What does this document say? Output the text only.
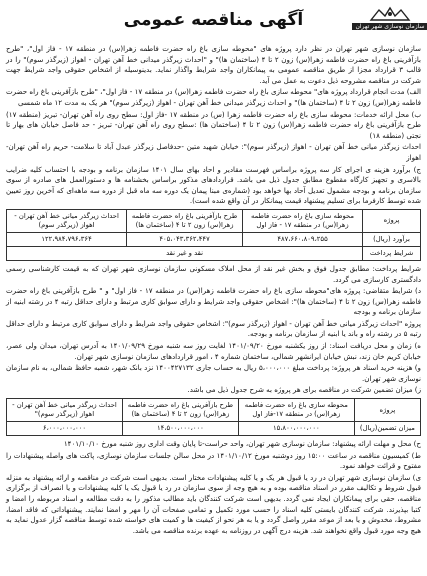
سازمان نوسازی شهر تهران
آگهی مناقصه عمومی

سازمان نوسازی شهر تهران در نظر دارد پروژه های "محوطه سازی باغ راه حضرت فاطمه زهرا(س) در منطقه ۱۷ - فاز اول"، "طرح بازآفرینی باغ راه حضرت فاطمه زهرا(س) زون ۲ تا ۴ (ساختمان ها)" و "احداث زیرگذر میدانی خط آهن تهران - اهواز (زیرگذر سوم)" را در قالب ۳ قرارداد مجزا از طریق مناقصه عمومی به پیمانکاران واجد شرایط واگذار نماید. بدینوسیله از اشخاص حقوقی واجد شرایط جهت شرکت در مناقصه مشروحه ذیل دعوت به عمل می آید.

الف) مدت انجام قرارداد پروژه های" محوطه سازی باغ راه حضرت فاطمه زهرا(س) در منطقه ۱۷ - فاز اول"، "طرح بازآفرینی باغ راه حضرت فاطمه زهرا(س) زون ۲ تا ۴ (ساختمان ها)" و احداث زیرگذر میدانی خط آهن تهران - اهواز (زیرگذر سوم)" هر یک به مدت ۱۲ ماه شمسی

ب) محل ارائه خدمات: محوطه سازی باغ راه حضرت فاطمه زهرا (س) در منطقه ۱۷ -فاز اول: سطح روی راه آهن تهران- تبریز (منطقه ۱۷) طرح بازآفرینی باغ راه حضرت فاطمه زهرا(س) زون ۲ تا ۴ (ساختمان ها) :سطح روی راه آهن تهران- تبریز - حد فاصل خیابان های بهار تا نجتی (منطقه ۱۸)

احداث زیرگذر میانی خط آهن تهران - اهواز (زیرگذر سوم)": خیابان شهید متین -حدفاصل زیرگذر عبدل آباد تا سلامت- حریم راه آهن تهران- اهواز

ج) برآورد هزینه ی اجرای کار سه پروژه براساس فهرست مقادیر و احاد بهای سال ۱۴۰۱ سازمان برنامه و بودجه با احتساب کلیه ضرایب بالاسری و تجهیز کارگاه مقطوع مطابق جدول ذیل می باشد. قراردادهای مذکور براساس بخشنامه ها و دستورالعمل های صادره از سوی سازمان برنامه و بودجه مشمول تعدیل آحاد بها خواهد بود (شماره‌ی مبنا پیمان یک دوره سه ماه قبل از دوره سه ماهه‌ای که آخرین روز تعیین شده توسط کارفرما برای تسلیم پیشنهاد قیمت پیمانکار در آن واقع شده است).

پروژه	محوطه سازی باغ راه حضرت فاطمه زهرا(س) در منطقه ۱۷ - فاز اول	طرح بازآفرینی باغ راه حضرت فاطمه زهرا(س) زون ۲ تا ۴ (ساختمان ها)	احداث زیرگذر میانی خط آهن تهران - اهواز (زیرگذر سوم)
برآورد (ریال)	۴۸۷،۶۶۰،۸۰۹،۲۵۵	۴۰۵،۰۴۳،۳۶۲،۴۴۷	۱۲۲،۹۸۴،۷۹۶،۳۶۴
شرایط پرداخت	نقد و غیر نقد		

شرایط پرداخت: مطابق جدول فوق و بخش غیر نقد از محل املاک مسکونی سازمان نوسازی شهر تهران که به قیمت کارشناسی رسمی دادگستری کارسازی می گردد.

د) شرایط متقاضی: پروژه های"محوطه سازی باغ راه حضرت فاطمه زهرا(س) در منطقه ۱۷ - فاز اول" و " طرح بازآفرینی باغ راه حضرت فاطمه زهرا(س) زون ۲ تا ۴ (ساختمان ها)": اشخاص حقوقی واجد شرایط و دارای سوابق کاری مرتبط و دارای حداقل رتبه ۴ در رشته ابنیه از سازمان برنامه و بودجه

پروژه "احداث زیرگذر میانی خط آهن تهران - اهواز (زیرگذر سوم)": اشخاص حقوقی واجد شرایط و دارای سوابق کاری مرتبط و دارای حداقل رتبه ۵ در رشته راه و باند یا ابنیه از سازمان برنامه و بودجه.

ه) زمان و محل دریافت اسناد: از روز یکشنبه مورخ ۱۴۰۱/۰۹/۲۰ لغایت روز سه شنبه مورخ ۱۴۰۱/۰۹/۲۹ به آدرس تهران، میدان ولی عصر، خیابان کریم خان زند، نبش خیابان ایرانشهر شمالی، ساختمان شماره ۴ ، امور قراردادهای سازمان نوسازی شهر تهران.

و) هزینه خرید اسناد هر پروژه: پرداخت مبلغ ۵،۰۰۰،۰۰۰ ریال به حساب جاری ۱۴۰۰۴۲۷۱۳۲ نزد بانک شهر، شعبه حافظ شمالی، به نام سازمان نوسازی شهر تهران.

ز) میزان تضمین شرکت در مناقصه برای هر پروژه به شرح جدول ذیل می باشد.

پروژه	محوطه سازی باغ راه حضرت فاطمه زهرا(س) در منطقه ۱۷-فاز اول	طرح بازآفرینی باغ راه حضرت فاطمه زهرا(س) زون ۲ تا ۴ (ساختمان ها)	احداث زیرگذر میانی خط آهن تهران - اهواز (زیرگذر سوم)"
میزان تضمین(ریال)	۱۵،۸۰۰،۰۰۰،۰۰۰	۱۴،۵۰۰،۰۰۰،۰۰۰	۶،۰۰۰،۰۰۰،۰۰۰

ح) محل و مهلت ارائه پیشنهاد: سازمان نوسازی شهر تهران، واحد حراست-تا پایان وقت اداری روز شنبه مورخ ۱۴۰۱/۱۰/۱۰

ط) کمیسیون مناقصه در ساعت ۱۵:۰۰ روز دوشنبه مورخ ۱۴۰۱/۱۰/۱۲ در محل سالن جلسات سازمان نوسازی، پاکت های واصله پیشنهادات را مفتوح و قرائت خواهد نمود.

ی) سازمان نوسازی شهر تهران در رد یا قبول هر یک و یا کلیه پیشنهادات مختار است. بدیهی است شرکت در مناقصه و ارائه پیشنهاد به منزله قبول شروط و تکالیف مقرر در اسناد مناقصه بوده و به هیچ وجه از سوی سازمان در رد یا قبول یک یا کلیه پیشنهادات و یا انصراف از برگزاری مناقصه، حقی برای پیمانکاران ایجاد نمی گردد. بدیهی است شرکت کنندگان باید مطالب مذکور را به دقت مطالعه و اسناد مربوطه را امضا و کتبا بپذیرند. شرکت کنندگان بایستی کلیه اسناد را حسب مورد تکمیل و تمامی صفحات آن را مهر و امضا نمایند. پیشنهاداتی که فاقد امضا، مشروط، مخدوش و یا بعد از موعد مقرر واصل گردد و یا به هر نحو از کیفیت ها و کمیت های خواسته شده توسط مناقصه گزار عدول نماید به هیچ وجه مورد قبول واقع نخواهند شد. هزینه درج آگهی در روزنامه به عهده برنده مناقصه می باشد.
